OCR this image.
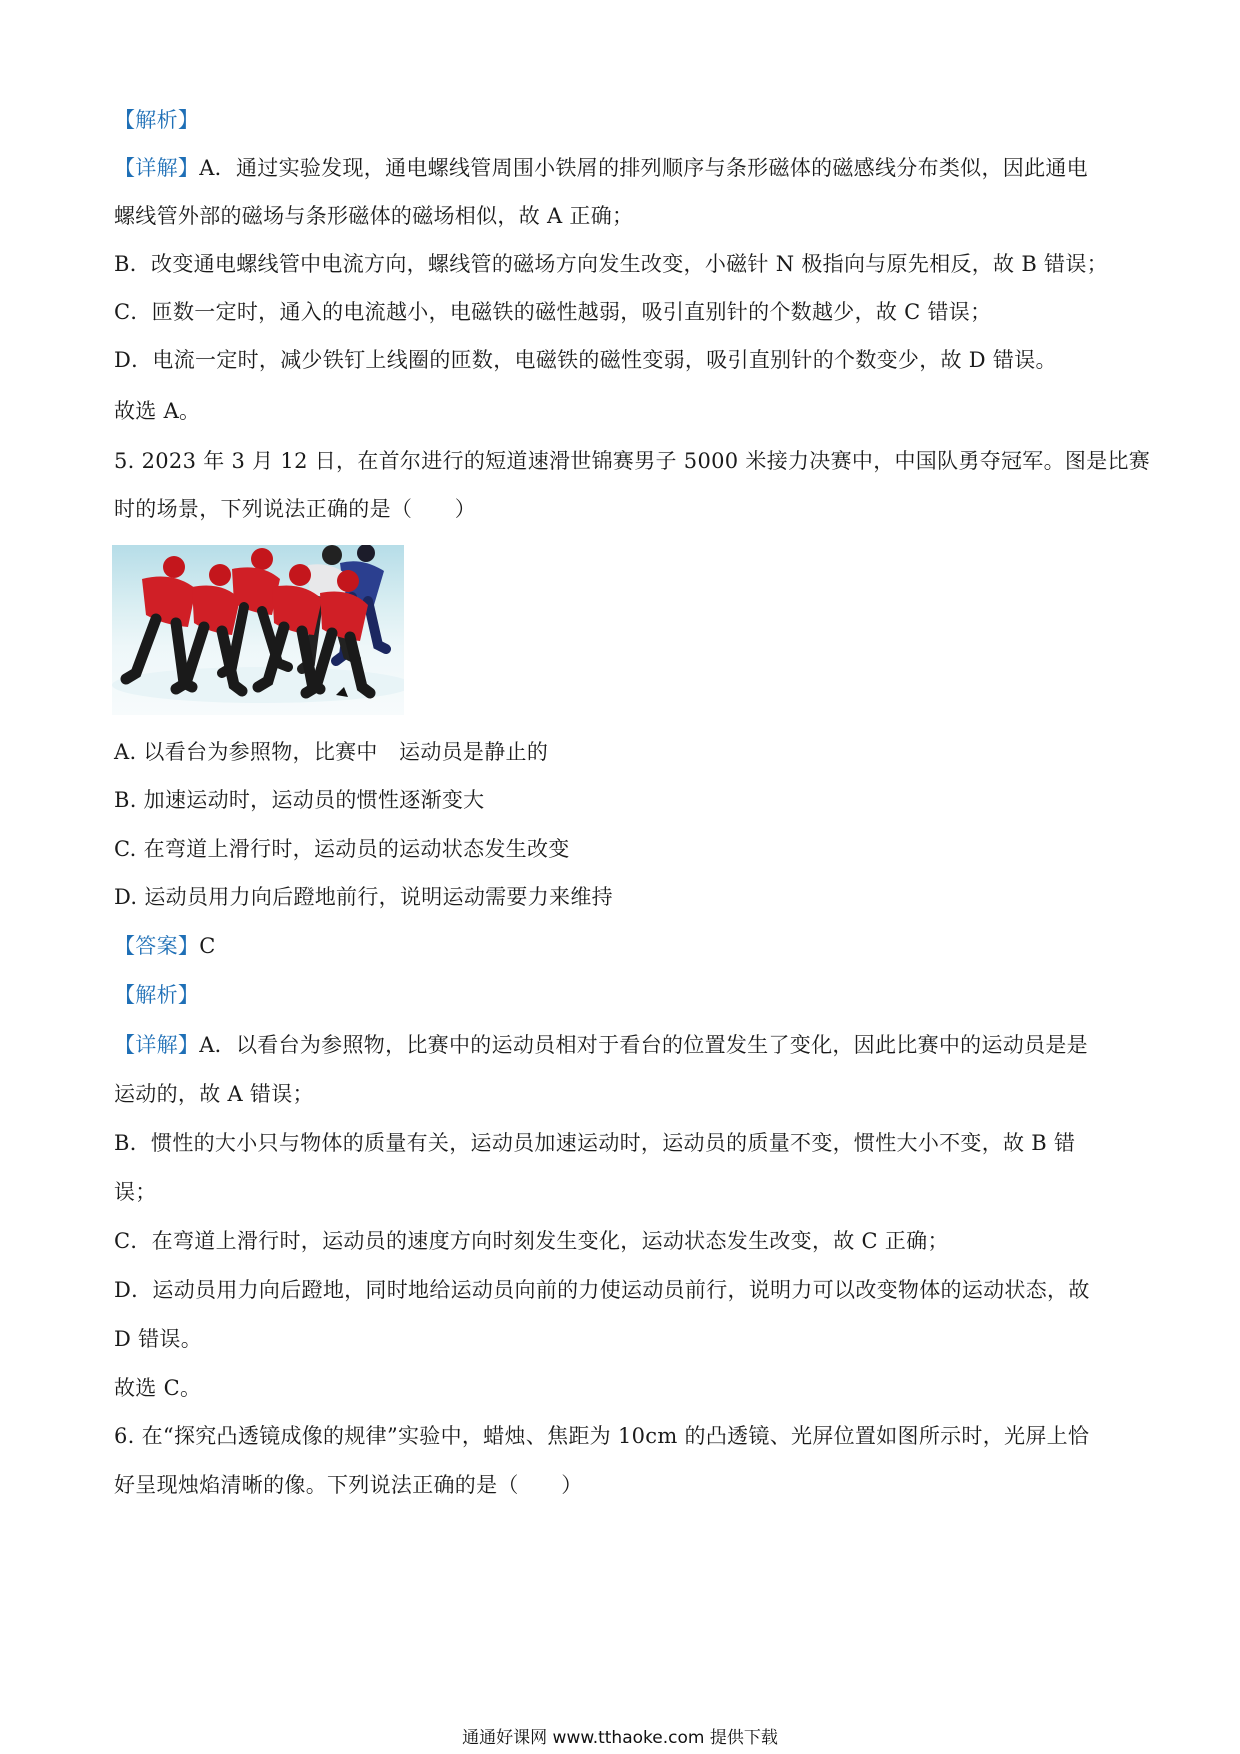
【解析】
【详解】A．通过实验发现，通电螺线管周围小铁屑的排列顺序与条形磁体的磁感线分布类似，因此通电
螺线管外部的磁场与条形磁体的磁场相似，故 A 正确；
B．改变通电螺线管中电流方向，螺线管的磁场方向发生改变，小磁针 N 极指向与原先相反，故 B 错误；
C．匝数一定时，通入的电流越小，电磁铁的磁性越弱，吸引直别针的个数越少，故 C 错误；
D．电流一定时，减少铁钉上线圈的匝数，电磁铁的磁性变弱，吸引直别针的个数变少，故 D 错误。
故选 A。
5. 2023 年 3 月 12 日，在首尔进行的短道速滑世锦赛男子 5000 米接力决赛中，中国队勇夺冠军。图是比赛
时的场景，下列说法正确的是（　　）
A. 以看台为参照物，比赛中　运动员是静止的
B. 加速运动时，运动员的惯性逐渐变大
C. 在弯道上滑行时，运动员的运动状态发生改变
D. 运动员用力向后蹬地前行，说明运动需要力来维持
【答案】C
【解析】
【详解】A．以看台为参照物，比赛中的运动员相对于看台的位置发生了变化，因此比赛中的运动员是是
运动的，故 A 错误；
B．惯性的大小只与物体的质量有关，运动员加速运动时，运动员的质量不变，惯性大小不变，故 B 错
误；
C．在弯道上滑行时，运动员的速度方向时刻发生变化，运动状态发生改变，故 C 正确；
D．运动员用力向后蹬地，同时地给运动员向前的力使运动员前行，说明力可以改变物体的运动状态，故
D 错误。
故选 C。
6. 在“探究凸透镜成像的规律”实验中，蜡烛、焦距为 10cm 的凸透镜、光屏位置如图所示时，光屏上恰
好呈现烛焰清晰的像。下列说法正确的是（　　）
通通好课网 www.tthaoke.com 提供下载
